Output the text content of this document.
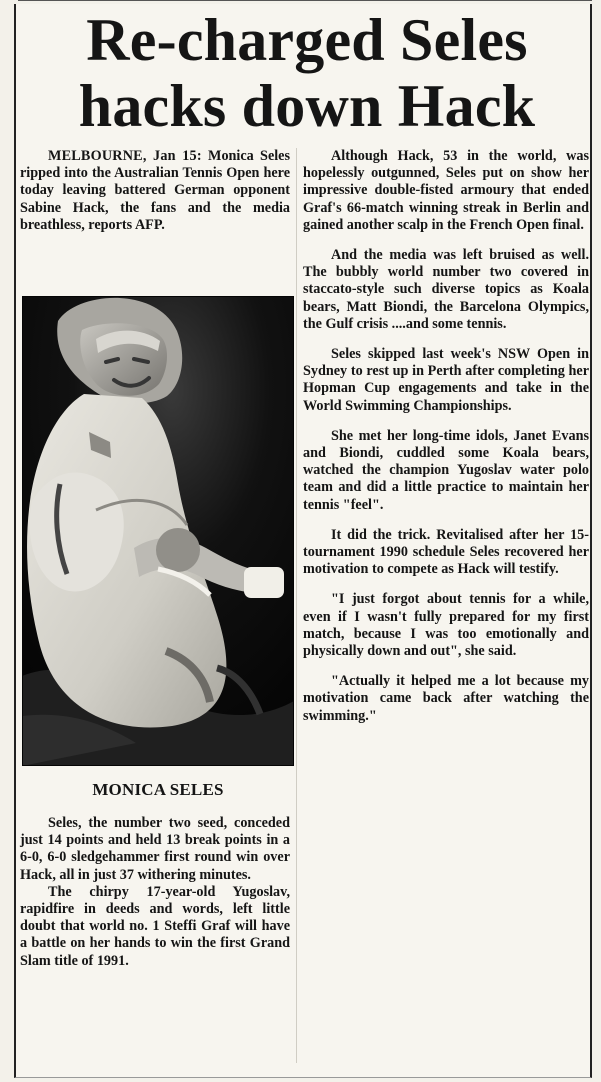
Re-charged Seles
hacks down Hack

MELBOURNE, Jan 15: Monica Seles ripped into the Australian Tennis Open here today leaving battered German opponent Sabine Hack, the fans and the media breathless, reports AFP.

MONICA SELES

Seles, the number two seed, conceded just 14 points and held 13 break points in a 6-0, 6-0 sledgehammer first round win over Hack, all in just 37 withering minutes.

The chirpy 17-year-old Yugoslav, rapidfire in deeds and words, left little doubt that world no. 1 Steffi Graf will have a battle on her hands to win the first Grand Slam title of 1991.

Although Hack, 53 in the world, was hopelessly outgunned, Seles put on show her impressive double-fisted armoury that ended Graf's 66-match winning streak in Berlin and gained another scalp in the French Open final.

And the media was left bruised as well. The bubbly world number two covered in staccato-style such diverse topics as Koala bears, Matt Biondi, the Barcelona Olympics, the Gulf crisis ....and some tennis.

Seles skipped last week's NSW Open in Sydney to rest up in Perth after completing her Hopman Cup engagements and take in the World Swimming Championships.

She met her long-time idols, Janet Evans and Biondi, cuddled some Koala bears, watched the champion Yugoslav water polo team and did a little practice to maintain her tennis "feel".

It did the trick. Revitalised after her 15-tournament 1990 schedule Seles recovered her motivation to compete as Hack will testify.

"I just forgot about tennis for a while, even if I wasn't fully prepared for my first match, because I was too emotionally and physically down and out", she said.

"Actually it helped me a lot because my motivation came back after watching the swimming."
